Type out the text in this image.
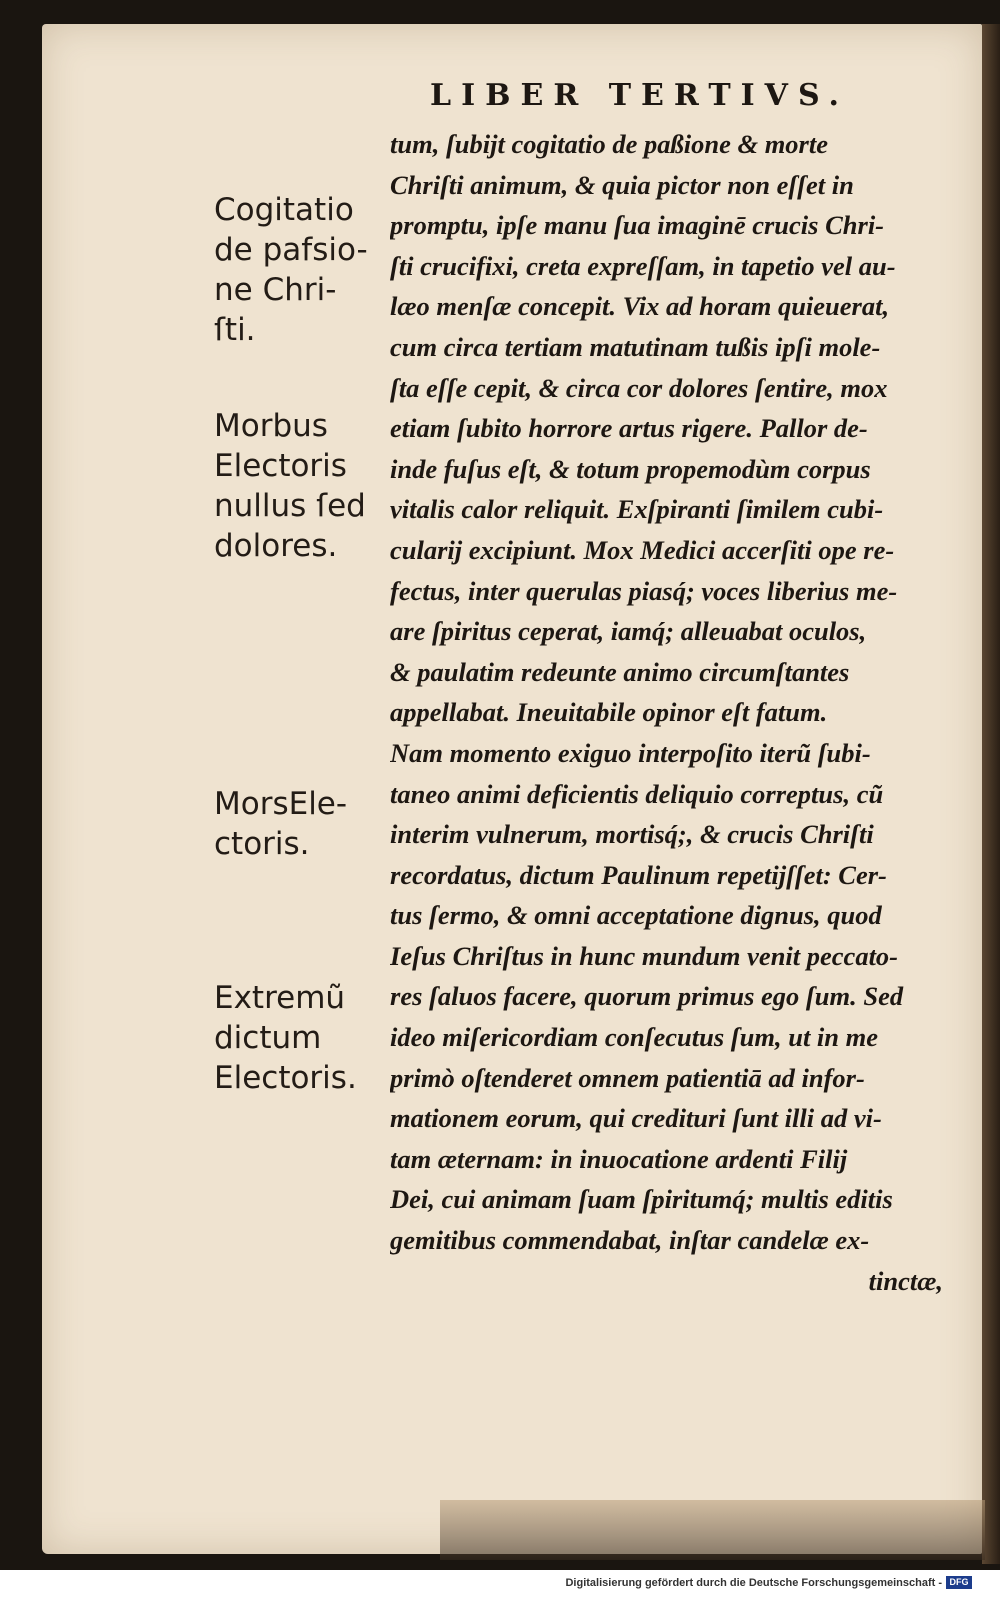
LIBER TERTIVS.
Cogitatio
de pafsio-
ne Chri-
ſti.
Morbus
Electoris
nullus ſed
dolores.
MorsEle-
ctoris.
Extremũ
dictum
Electoris.
tum, ſubijt cogitatio de paßione & morte
Chriſti animum, & quia pictor non eſſet in
promptu, ipſe manu ſua imaginē crucis Chri-
ſti crucifixi, creta expreſſam, in tapetio vel au-
læo menſæ concepit. Vix ad horam quieuerat,
cum circa tertiam matutinam tußis ipſi mole-
ſta eſſe cepit, & circa cor dolores ſentire, mox
etiam ſubito horrore artus rigere. Pallor de-
inde fuſus eſt, & totum propemodùm corpus
vitalis calor reliquit. Exſpiranti ſimilem cubi-
cularij excipiunt. Mox Medici accerſiti ope re-
fectus, inter querulas piasq́; voces liberius me-
are ſpiritus ceperat, iamq́; alleuabat oculos,
& paulatim redeunte animo circumſtantes
appellabat. Ineuitabile opinor eſt fatum.
Nam momento exiguo interpoſito iterũ ſubi-
taneo animi deficientis deliquio correptus, cũ
interim vulnerum, mortisq́;, & crucis Chriſti
recordatus, dictum Paulinum repetijſſet: Cer-
tus ſermo, & omni acceptatione dignus, quod
Ieſus Chriſtus in hunc mundum venit peccato-
res ſaluos facere, quorum primus ego ſum. Sed
ideo miſericordiam conſecutus ſum, ut in me
primò oſtenderet omnem patientiā ad infor-
mationem eorum, qui credituri ſunt illi ad vi-
tam æternam: in inuocatione ardenti Filij
Dei, cui animam ſuam ſpiritumq́; multis editis
gemitibus commendabat, inſtar candelæ ex-
tinctæ,
Digitalisierung gefördert durch die Deutsche Forschungsgemeinschaft - DFG
